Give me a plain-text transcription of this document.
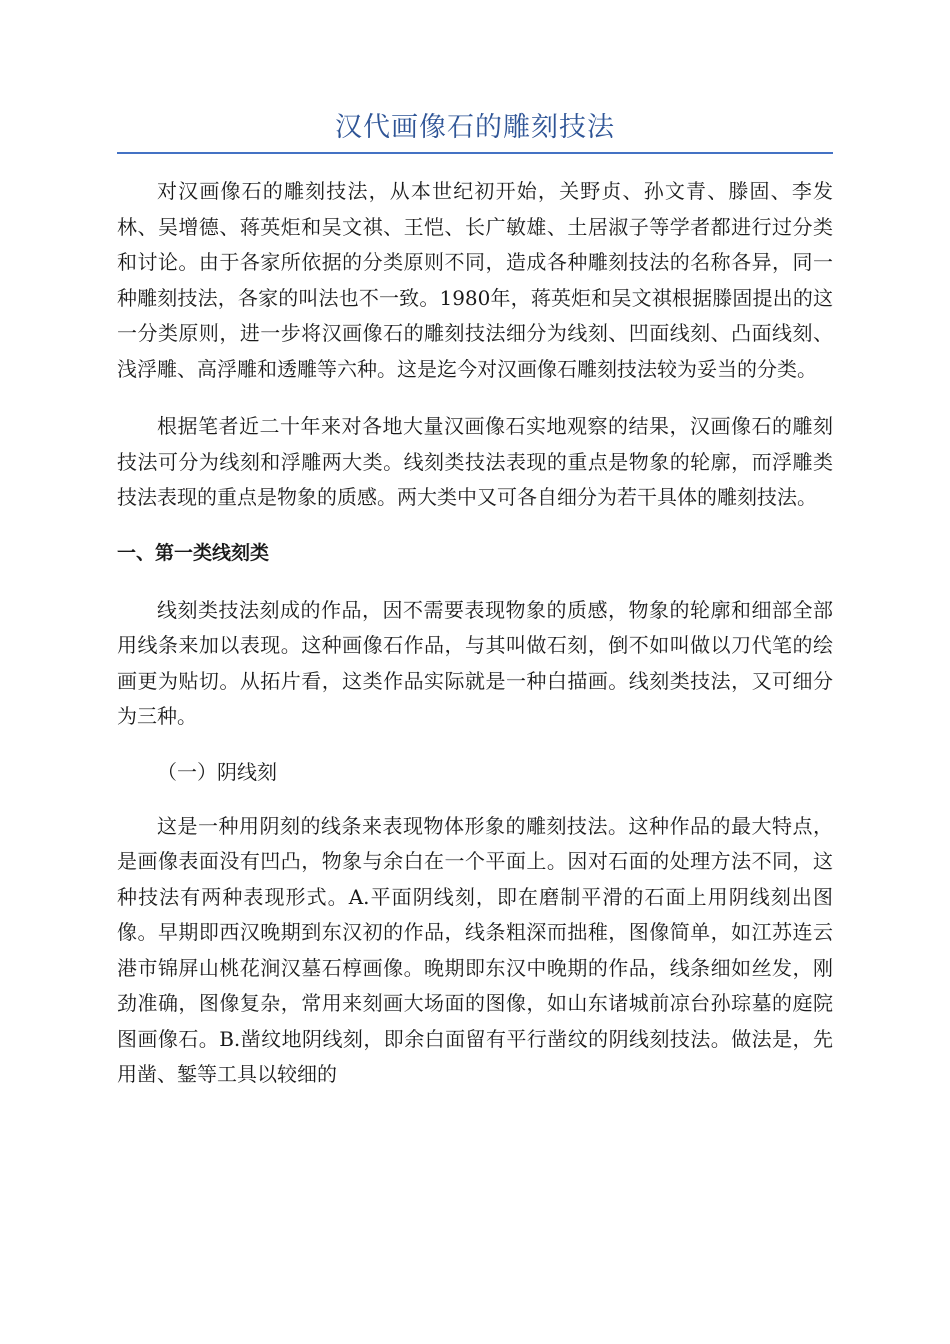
汉代画像石的雕刻技法

对汉画像石的雕刻技法，从本世纪初开始，关野贞、孙文青、滕固、李发林、吴增德、蒋英炬和吴文祺、王恺、长广敏雄、土居淑子等学者都进行过分类和讨论。由于各家所依据的分类原则不同，造成各种雕刻技法的名称各异，同一种雕刻技法，各家的叫法也不一致。1980年，蒋英炬和吴文祺根据滕固提出的这一分类原则，进一步将汉画像石的雕刻技法细分为线刻、凹面线刻、凸面线刻、浅浮雕、高浮雕和透雕等六种。这是迄今对汉画像石雕刻技法较为妥当的分类。

根据笔者近二十年来对各地大量汉画像石实地观察的结果，汉画像石的雕刻技法可分为线刻和浮雕两大类。线刻类技法表现的重点是物象的轮廓，而浮雕类技法表现的重点是物象的质感。两大类中又可各自细分为若干具体的雕刻技法。

一、第一类线刻类

线刻类技法刻成的作品，因不需要表现物象的质感，物象的轮廓和细部全部用线条来加以表现。这种画像石作品，与其叫做石刻，倒不如叫做以刀代笔的绘画更为贴切。从拓片看，这类作品实际就是一种白描画。线刻类技法，又可细分为三种。

（一）阴线刻

这是一种用阴刻的线条来表现物体形象的雕刻技法。这种作品的最大特点，是画像表面没有凹凸，物象与余白在一个平面上。因对石面的处理方法不同，这种技法有两种表现形式。A.平面阴线刻，即在磨制平滑的石面上用阴线刻出图像。早期即西汉晚期到东汉初的作品，线条粗深而拙稚，图像简单，如江苏连云港市锦屏山桃花涧汉墓石椁画像。晚期即东汉中晚期的作品，线条细如丝发，刚劲准确，图像复杂，常用来刻画大场面的图像，如山东诸城前凉台孙琮墓的庭院图画像石。B.凿纹地阴线刻，即余白面留有平行凿纹的阴线刻技法。做法是，先用凿、錾等工具以较细的
